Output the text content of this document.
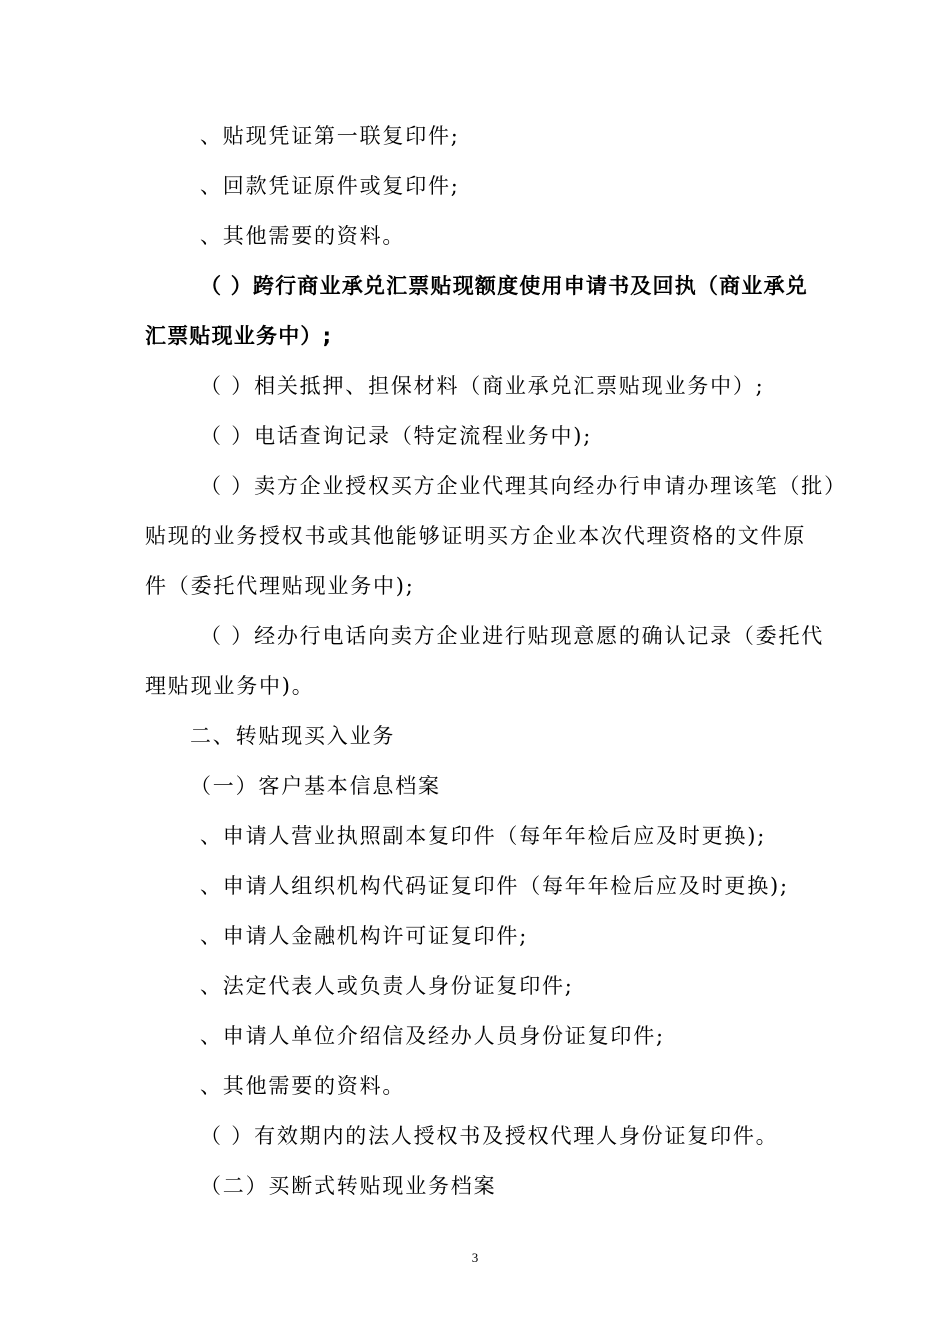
、贴现凭证第一联复印件;
、回款凭证原件或复印件;
、其他需要的资料。
（ ）跨行商业承兑汇票贴现额度使用申请书及回执（商业承兑
汇票贴现业务中）;
（ ）相关抵押、担保材料（商业承兑汇票贴现业务中）;
（ ）电话查询记录（特定流程业务中);
（ ）卖方企业授权买方企业代理其向经办行申请办理该笔（批）
贴现的业务授权书或其他能够证明买方企业本次代理资格的文件原
件（委托代理贴现业务中);
（ ）经办行电话向卖方企业进行贴现意愿的确认记录（委托代
理贴现业务中)。
二、转贴现买入业务
（一）客户基本信息档案
、申请人营业执照副本复印件（每年年检后应及时更换);
、申请人组织机构代码证复印件（每年年检后应及时更换);
、申请人金融机构许可证复印件;
、法定代表人或负责人身份证复印件;
、申请人单位介绍信及经办人员身份证复印件;
、其他需要的资料。
（ ）有效期内的法人授权书及授权代理人身份证复印件。
（二）买断式转贴现业务档案
3
